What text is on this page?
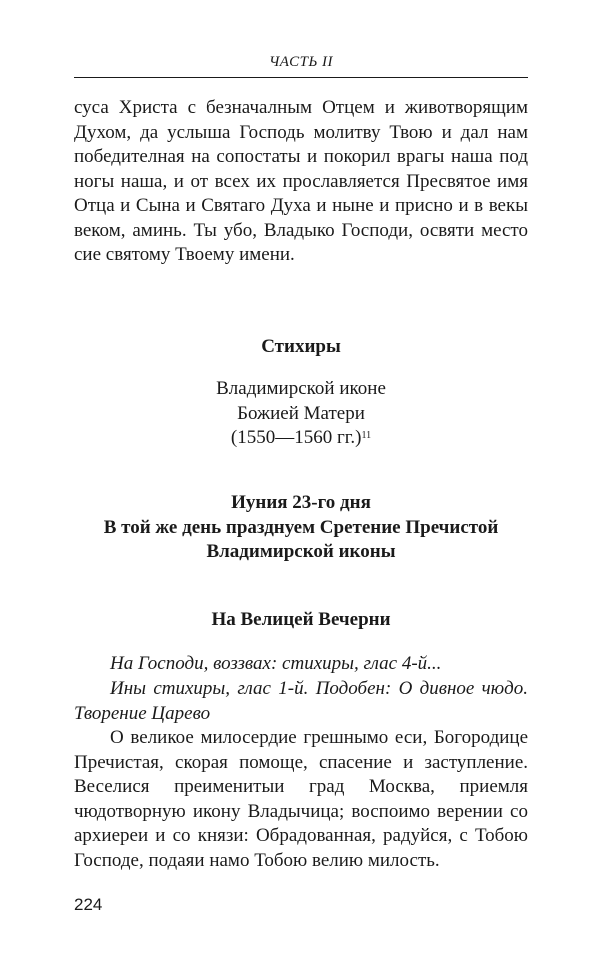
ЧАСТЬ II

суса Христа с безначалным Отцем и животворящим Духом, да услыша Господь молитву Твою и дал нам победителная на сопостаты и покорил врагы наша под ногы наша, и от всех их прославляется Пресвятое имя Отца и Сына и Святаго Духа и ныне и присно и в векы веком, аминь. Ты убо, Владыко Господи, освяти место сие святому Твоему имени.

Стихиры
Владимирской иконе
Божией Матери
(1550—1560 гг.)$^{11}$
Иуния 23-го дня
В той же день празднуем Сретение Пречистой
Владимирской иконы
На Велицей Вечерни
На Господи, воззвах: стихиры, глас 4-й...
Ины стихиры, глас 1-й. Подобен: О дивное чюдо. Творение Царево

О великое милосердие грешнымо еси, Богородице Пречистая, скорая помоще, спасение и заступление. Веселися преименитыи град Москва, приемля чюдотворную икону Владычица; воспоимо верении со архиереи и со князи: Обрадованная, радуйся, с Тобою Господе, подаяи намо Тобою велию милость.

224
